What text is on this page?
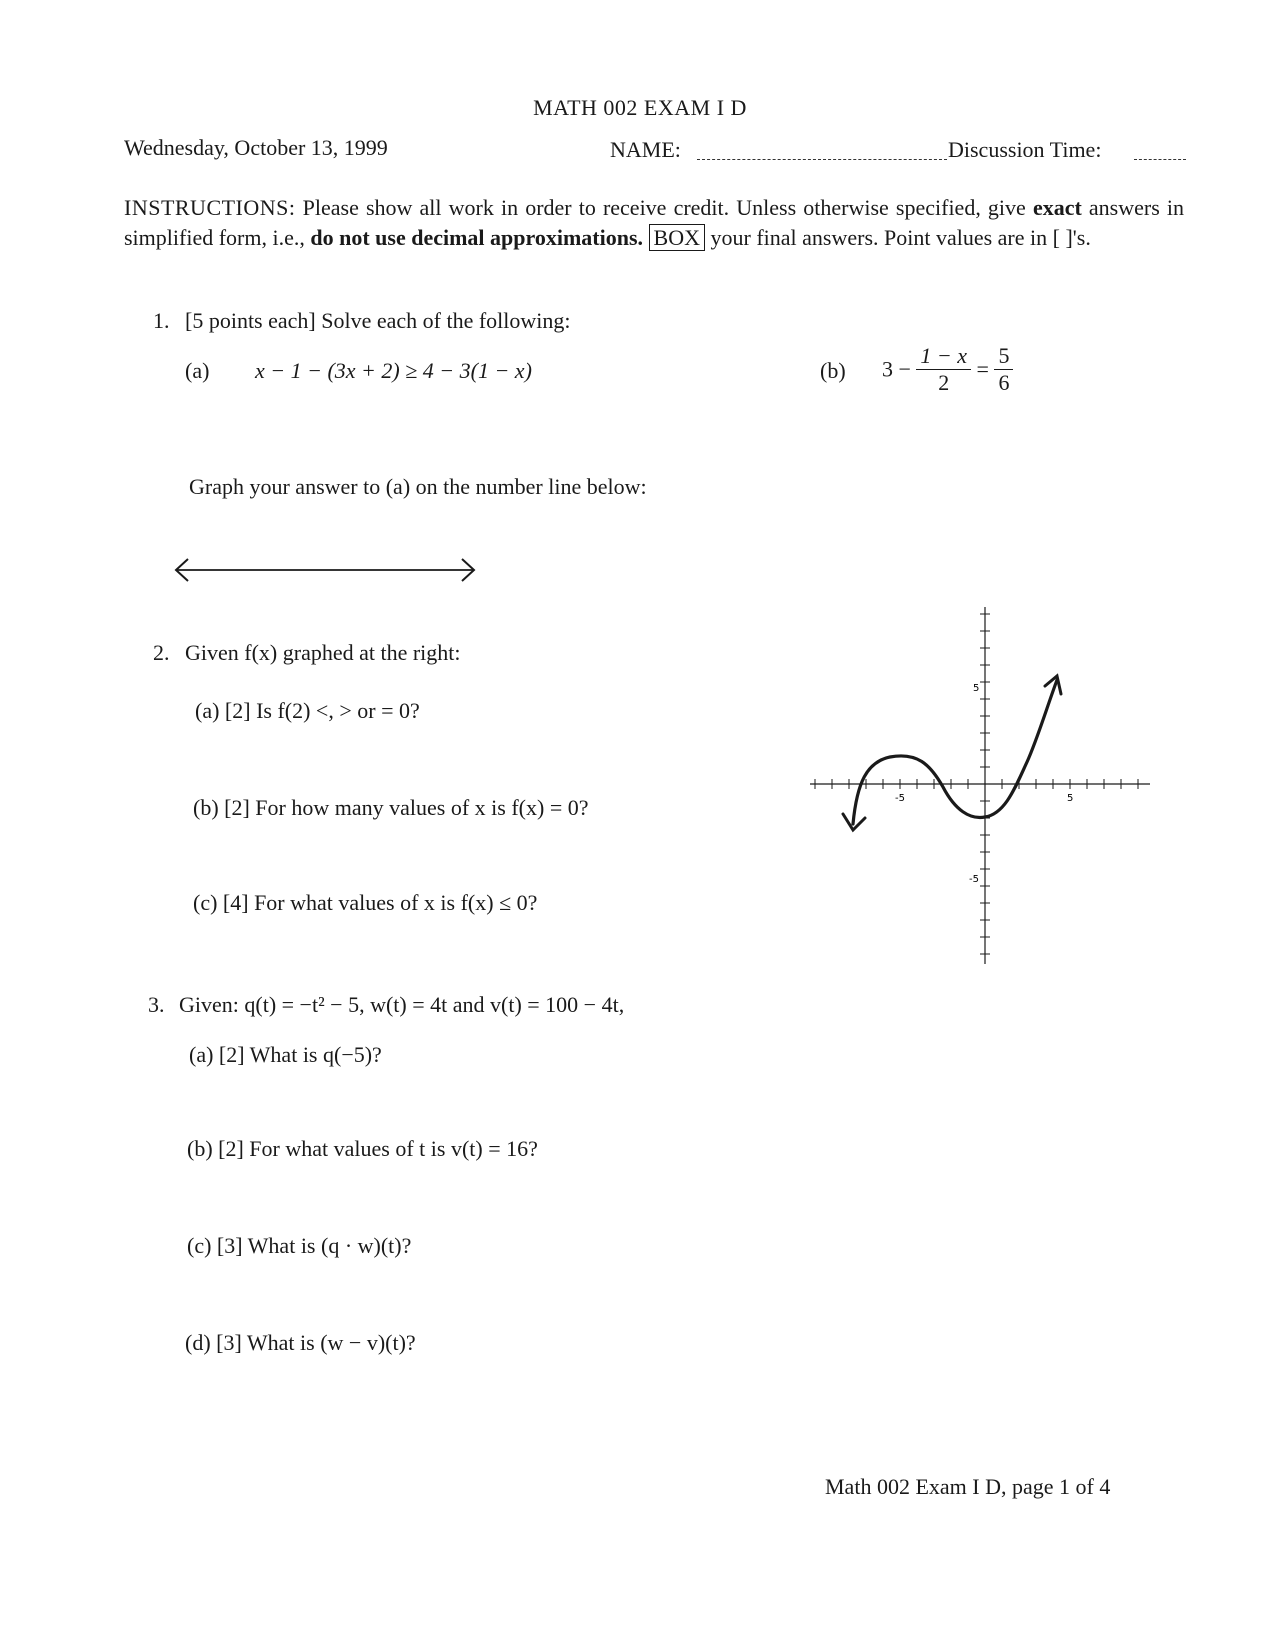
MATH 002 EXAM I D
Wednesday, October 13, 1999	NAME:	Discussion Time:
INSTRUCTIONS: Please show all work in order to receive credit. Unless otherwise specified, give exact answers in simplified form, i.e., do not use decimal approximations. BOX your final answers. Point values are in [ ]'s.
1. [5 points each] Solve each of the following:
(a) x − 1 − (3x + 2) ≥ 4 − 3(1 − x)	(b) $3 - \frac{1 - x}{2} = \frac{5}{6}$
Graph your answer to (a) on the number line below:
2. Given f(x) graphed at the right:
(a) [2] Is f(2) <, > or = 0?
(b) [2] For how many values of x is f(x) = 0?
(c) [4] For what values of x is f(x) ≤ 0?
-5	5
5
-5
3. Given: q(t) = −t² − 5, w(t) = 4t and v(t) = 100 − 4t,
(a) [2] What is q(−5)?
(b) [2] For what values of t is v(t) = 16?
(c) [3] What is (q · w)(t)?
(d) [3] What is (w − v)(t)?
Math 002 Exam I D, page 1 of 4
